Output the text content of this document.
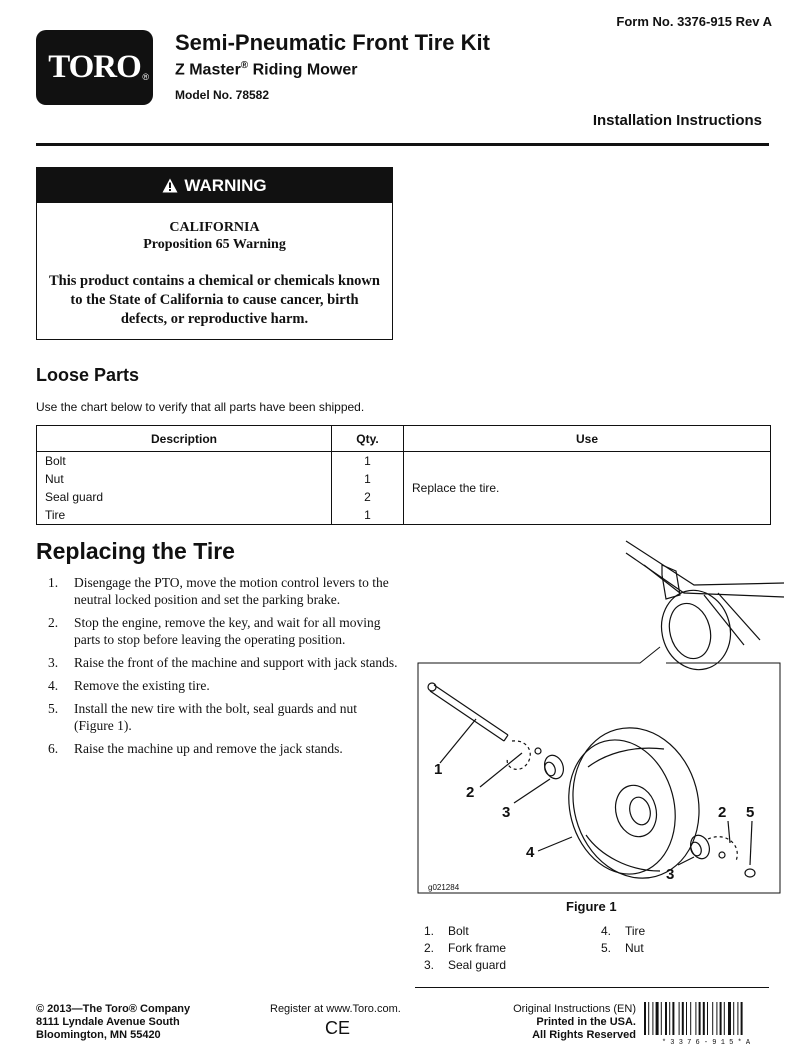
TORO ®
Form No. 3376-915 Rev A
Semi-Pneumatic Front Tire Kit
Z Master® Riding Mower
Model No. 78582
Installation Instructions
WARNING
CALIFORNIA
Proposition 65 Warning
This product contains a chemical or chemicals known to the State of California to cause cancer, birth defects, or reproductive harm.
Loose Parts
Use the chart below to verify that all parts have been shipped.
Description	Qty.	Use
Bolt	1	Replace the tire.
Nut	1	
Seal guard	2	
Tire	1	
Replacing the Tire
1. Disengage the PTO, move the motion control levers to the neutral locked position and set the parking brake.
2. Stop the engine, remove the key, and wait for all moving parts to stop before leaving the operating position.
3. Raise the front of the machine and support with jack stands.
4. Remove the existing tire.
5. Install the new tire with the bolt, seal guards and nut (Figure 1).
6. Raise the machine up and remove the jack stands.
1
2
3
4
3
2 5
g021284
Figure 1
1. Bolt
2. Fork frame
3. Seal guard
4. Tire
5. Nut
© 2013—The Toro® Company
8111 Lyndale Avenue South
Bloomington, MN 55420
Register at www.Toro.com.
CE
Original Instructions (EN)
Printed in the USA.
All Rights Reserved
* 3 3 7 6 - 9 1 5 * A
